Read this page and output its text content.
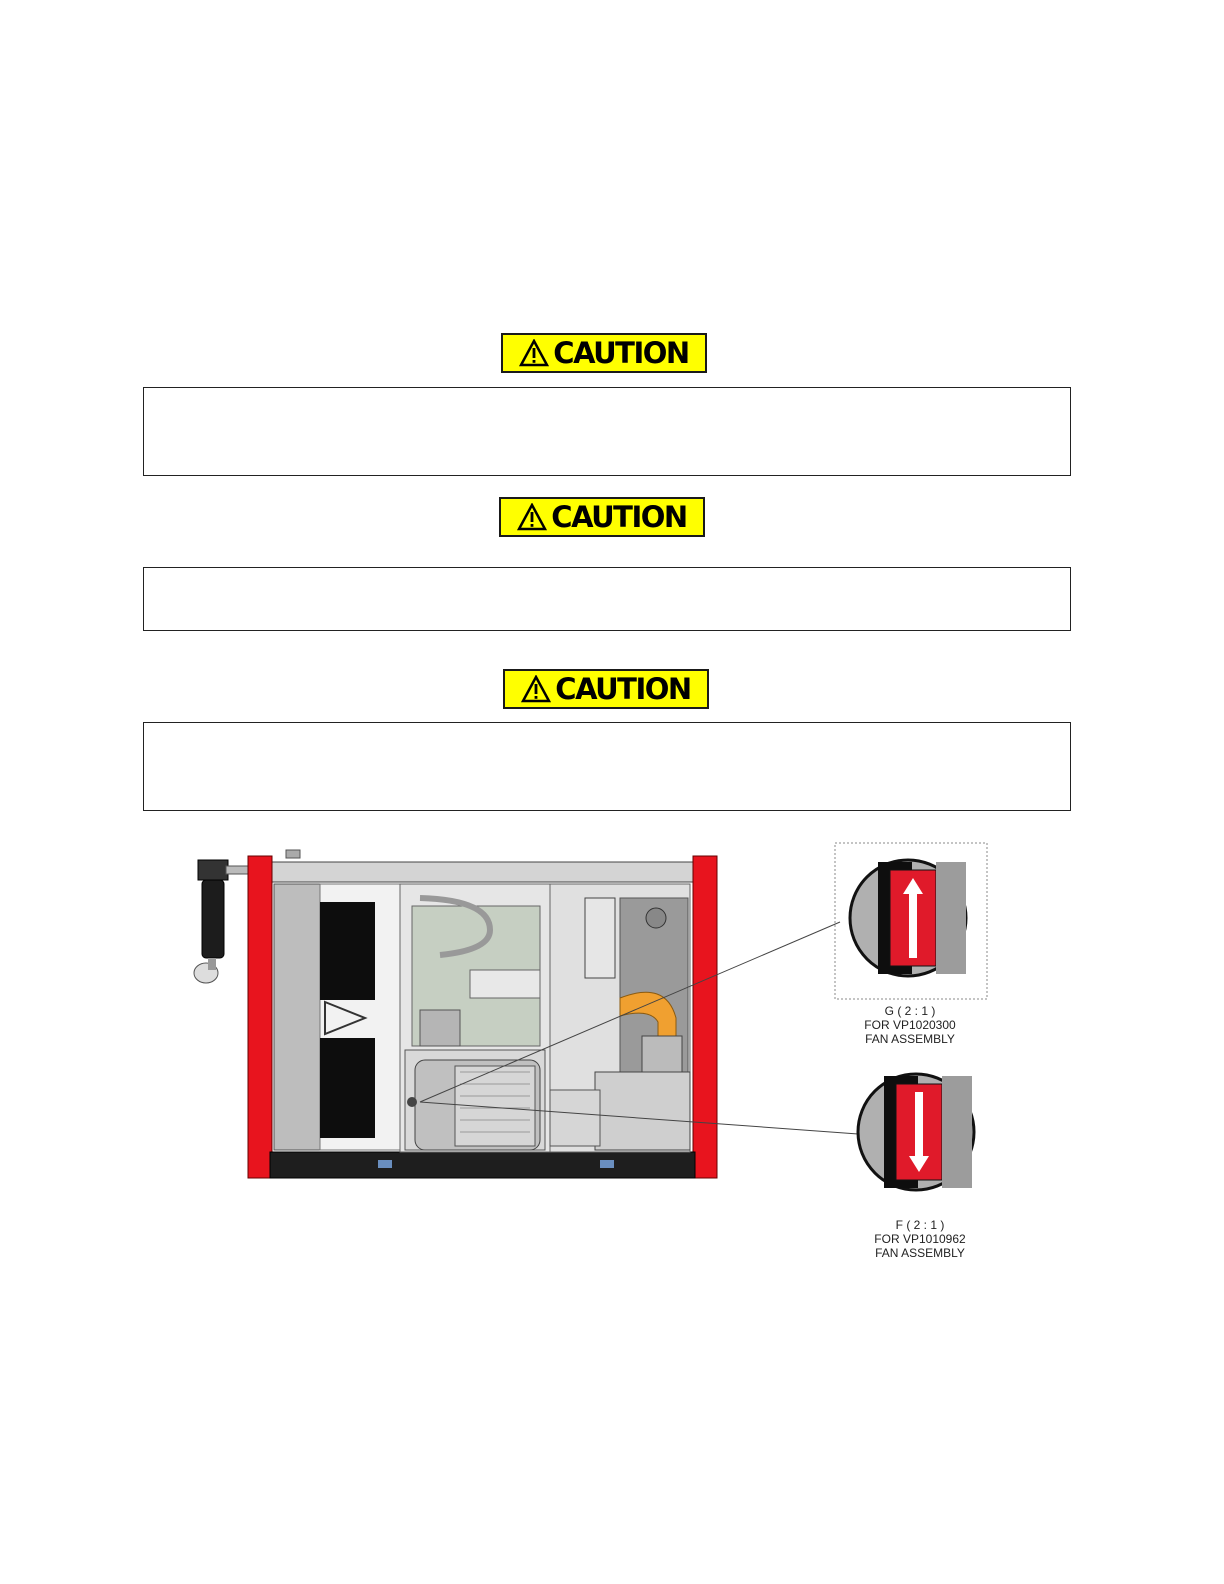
CAUTION
CAUTION
CAUTION
G ( 2 : 1 )
FOR VP1020300
FAN ASSEMBLY
F ( 2 : 1 )
FOR VP1010962
FAN ASSEMBLY
